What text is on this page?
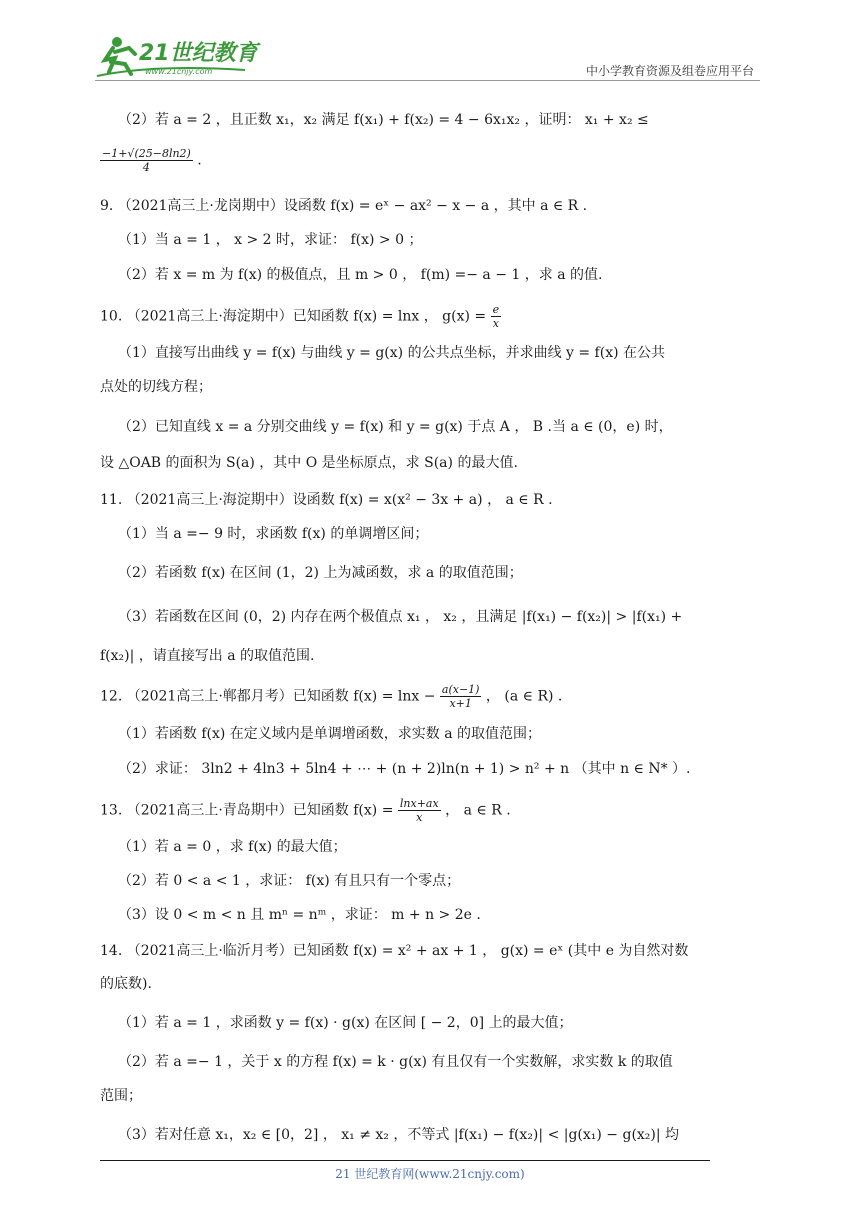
21世纪教育
www.21cnjy.com	中小学教育资源及组卷应用平台
（2）若 a = 2 ，且正数 x₁，x₂ 满足 f(x₁) + f(x₂) = 4 − 6x₁x₂ ，证明： x₁ + x₂ ≤
$\frac{-1+√(25-8\ln 2)}{4}$ .
9. （2021高三上·龙岗期中）设函数 f(x) = eˣ − ax² − x − a ，其中 a ∈ R .
（1）当 a = 1 ， x > 2 时，求证： f(x) > 0 ；
（2）若 x = m 为 f(x) 的极值点，且 m > 0 ， f(m) =− a − 1 ，求 a 的值.
10. （2021高三上·海淀期中）已知函数 f(x) = lnx ， $g(x) = \frac{e}{x}$
（1）直接写出曲线 y = f(x) 与曲线 y = g(x) 的公共点坐标，并求曲线 y = f(x) 在公共
点处的切线方程；
（2）已知直线 x = a 分别交曲线 y = f(x) 和 y = g(x) 于点 A ， B .当 a ∈ (0，e) 时，
设 △OAB 的面积为 S(a) ，其中 O 是坐标原点，求 S(a) 的最大值.
11. （2021高三上·海淀期中）设函数 f(x) = x(x² − 3x + a) ， a ∈ R .
（1）当 a =− 9 时，求函数 f(x) 的单调增区间；
（2）若函数 f(x) 在区间 (1，2) 上为减函数，求 a 的取值范围；
（3）若函数在区间 (0，2) 内存在两个极值点 x₁ ， x₂ ，且满足 |f(x₁) − f(x₂)| > |f(x₁) +
f(x₂)| ，请直接写出 a 的取值范围.
12. （2021高三上·郸都月考）已知函数 $f(x) = \ln x - \frac{a(x-1)}{x+1}$ ， (a ∈ R) .
（1）若函数 f(x) 在定义域内是单调增函数，求实数 a 的取值范围；
（2）求证： 3ln2 + 4ln3 + 5ln4 + ⋯ + (n + 2)ln(n + 1) > n² + n （其中 n ∈ N* ）.
13. （2021高三上·青岛期中）已知函数 $f(x) = \frac{\ln x+ax}{x}$ ， a ∈ R .
（1）若 a = 0 ，求 f(x) 的最大值；
（2）若 0 < a < 1 ，求证： f(x) 有且只有一个零点；
（3）设 0 < m < n 且 mⁿ = nᵐ ，求证： m + n > 2e .
14. （2021高三上·临沂月考）已知函数 f(x) = x² + ax + 1 ， g(x) = eˣ (其中 e 为自然对数
的底数).
（1）若 a = 1 ，求函数 y = f(x) · g(x) 在区间 [ − 2，0] 上的最大值；
（2）若 a =− 1 ，关于 x 的方程 f(x) = k · g(x) 有且仅有一个实数解，求实数 k 的取值
范围；
（3）若对任意 x₁，x₂ ∈ [0，2] ， x₁ ≠ x₂ ，不等式 |f(x₁) − f(x₂)| < |g(x₁) − g(x₂)| 均
21 世纪教育网(www.21cnjy.com)
